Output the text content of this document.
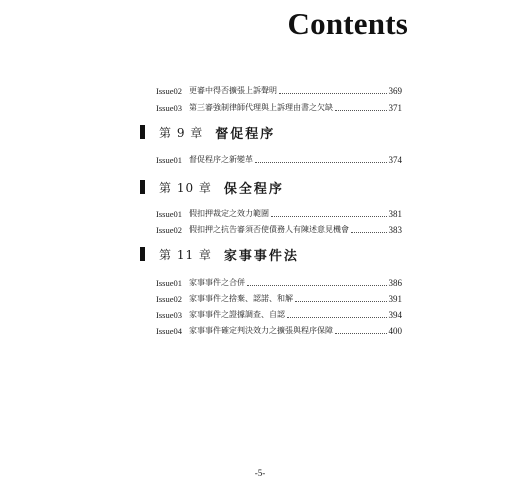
Contents
Issue02 更審中得否擴張上訴聲明	369
Issue03 第三審強制律師代理與上訴理由書之欠缺	371
第 9 章 督促程序
Issue01 督促程序之新變革	374
第 10 章 保全程序
Issue01 假扣押裁定之效力範圍	381
Issue02 假扣押之抗告審須否使債務人有陳述意見機會	383
第 11 章 家事事件法
Issue01 家事事件之合併	386
Issue02 家事事件之捨棄、認諾、和解	391
Issue03 家事事件之證據調查、自認	394
Issue04 家事事件確定判決效力之擴張與程序保障	400
-5-
